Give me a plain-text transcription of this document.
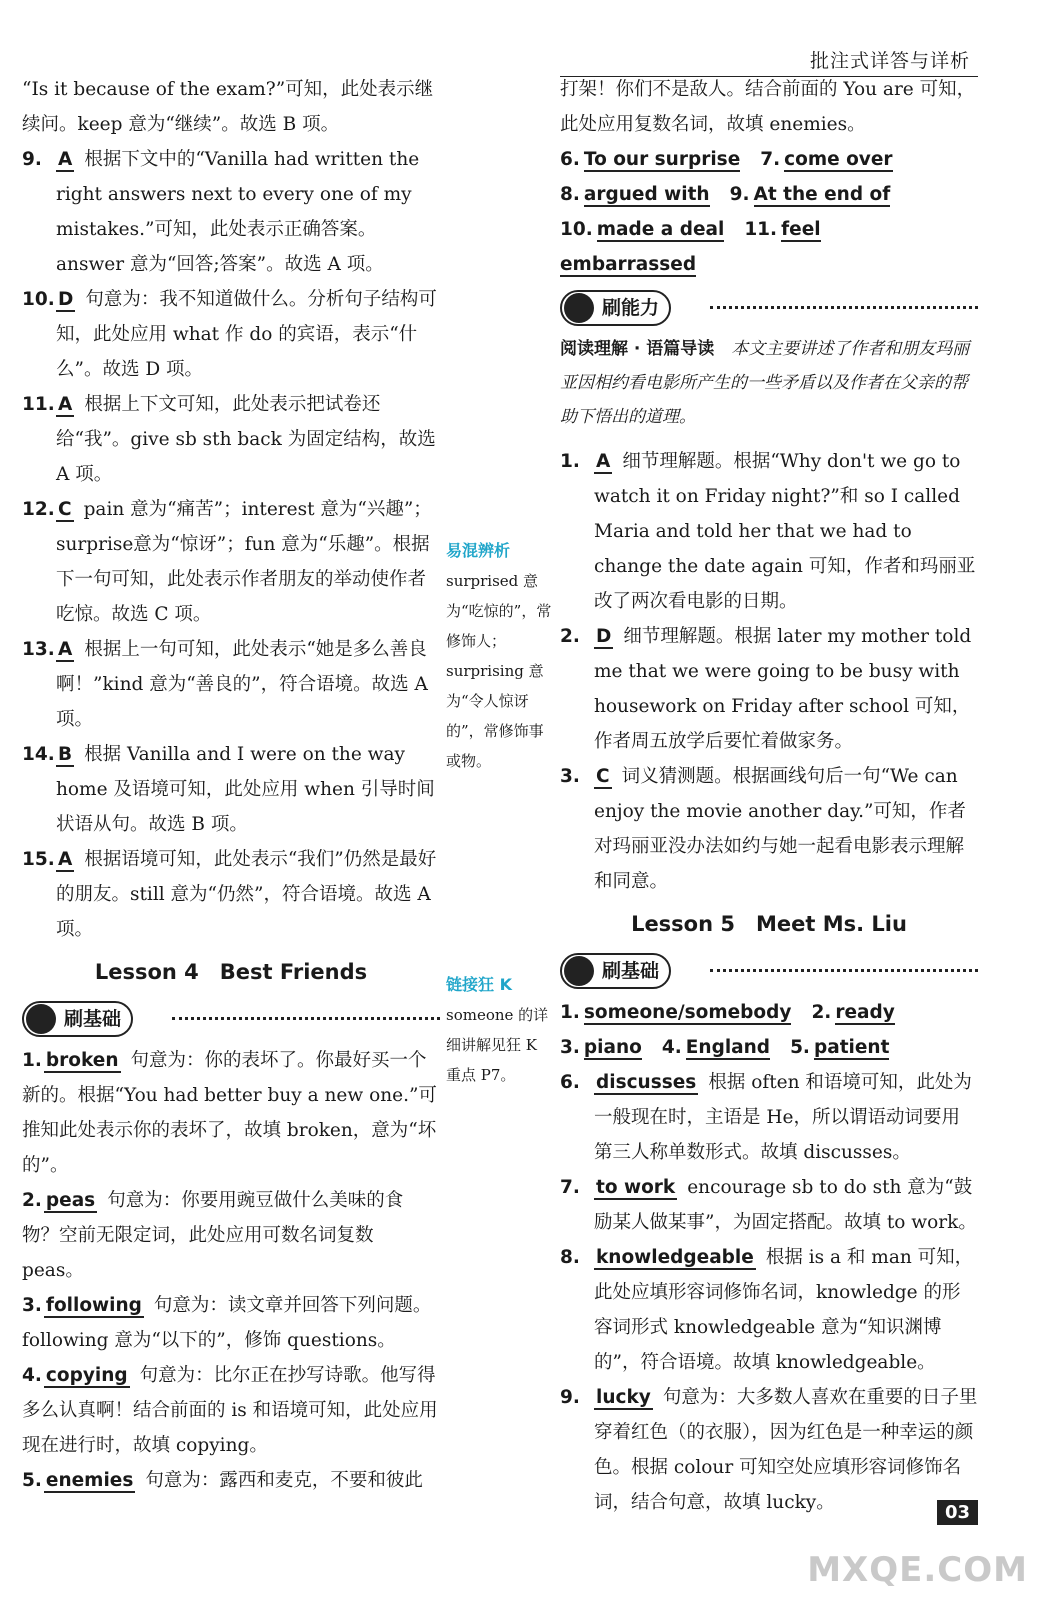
批注式详答与详析
“Is it because of the exam?”可知，此处表示继续问。keep 意为“继续”。故选 B 项。
9. A 根据下文中的“Vanilla had written the right answers next to every one of my mistakes.”可知，此处表示正确答案。answer 意为“回答;答案”。故选 A 项。
10. D 句意为：我不知道做什么。分析句子结构可知，此处应用 what 作 do 的宾语，表示“什么”。故选 D 项。
11. A 根据上下文可知，此处表示把试卷还给“我”。give sb sth back 为固定结构，故选 A 项。
12. C pain 意为“痛苦”；interest 意为“兴趣”；surprise意为“惊讶”；fun 意为“乐趣”。根据下一句可知，此处表示作者朋友的举动使作者吃惊。故选 C 项。
13. A 根据上一句可知，此处表示“她是多么善良啊！”kind 意为“善良的”，符合语境。故选 A 项。
14. B 根据 Vanilla and I were on the way home 及语境可知，此处应用 when 引导时间状语从句。故选 B 项。
15. A 根据语境可知，此处表示“我们”仍然是最好的朋友。still 意为“仍然”，符合语境。故选 A 项。
Lesson 4　Best Friends
刷基础
1. broken 句意为：你的表坏了。你最好买一个新的。根据“You had better buy a new one.”可推知此处表示你的表坏了，故填 broken，意为“坏的”。
2. peas 句意为：你要用豌豆做什么美味的食物？空前无限定词，此处应用可数名词复数 peas。
3. following 句意为：读文章并回答下列问题。following 意为“以下的”，修饰 questions。
4. copying 句意为：比尔正在抄写诗歌。他写得多么认真啊！结合前面的 is 和语境可知，此处应用现在进行时，故填 copying。
5. enemies 句意为：露西和麦克，不要和彼此
易混辨析
surprised 意为“吃惊的”，常修饰人；surprising 意为“令人惊讶的”，常修饰事或物。
链接狂 K
someone 的详细讲解见狂 K 重点 P7。
打架！你们不是敌人。结合前面的 You are 可知，此处应用复数名词，故填 enemies。
6. To our surprise 7. come over
8. argued with 9. At the end of
10. made a deal 11. feel embarrassed
刷能力
阅读理解 · 语篇导读　 本文主要讲述了作者和朋友玛丽亚因相约看电影所产生的一些矛盾以及作者在父亲的帮助下悟出的道理。
1. A 细节理解题。根据“Why don't we go to watch it on Friday night?”和 so I called Maria and told her that we had to change the date again 可知，作者和玛丽亚改了两次看电影的日期。
2. D 细节理解题。根据 later my mother told me that we were going to be busy with housework on Friday after school 可知，作者周五放学后要忙着做家务。
3. C 词义猜测题。根据画线句后一句“We can enjoy the movie another day.”可知，作者对玛丽亚没办法如约与她一起看电影表示理解和同意。
Lesson 5　Meet Ms. Liu
刷基础
1. someone/somebody 2. ready
3. piano 4. England 5. patient
6. discusses 根据 often 和语境可知，此处为一般现在时，主语是 He，所以谓语动词要用第三人称单数形式。故填 discusses。
7. to work encourage sb to do sth 意为“鼓励某人做某事”，为固定搭配。故填 to work。
8. knowledgeable 根据 is a 和 man 可知，此处应填形容词修饰名词，knowledge 的形容词形式 knowledgeable 意为“知识渊博的”，符合语境。故填 knowledgeable。
9. lucky 句意为：大多数人喜欢在重要的日子里穿着红色（的衣服），因为红色是一种幸运的颜色。根据 colour 可知空处应填形容词修饰名词，结合句意，故填 lucky。	03
MXQE.COM
